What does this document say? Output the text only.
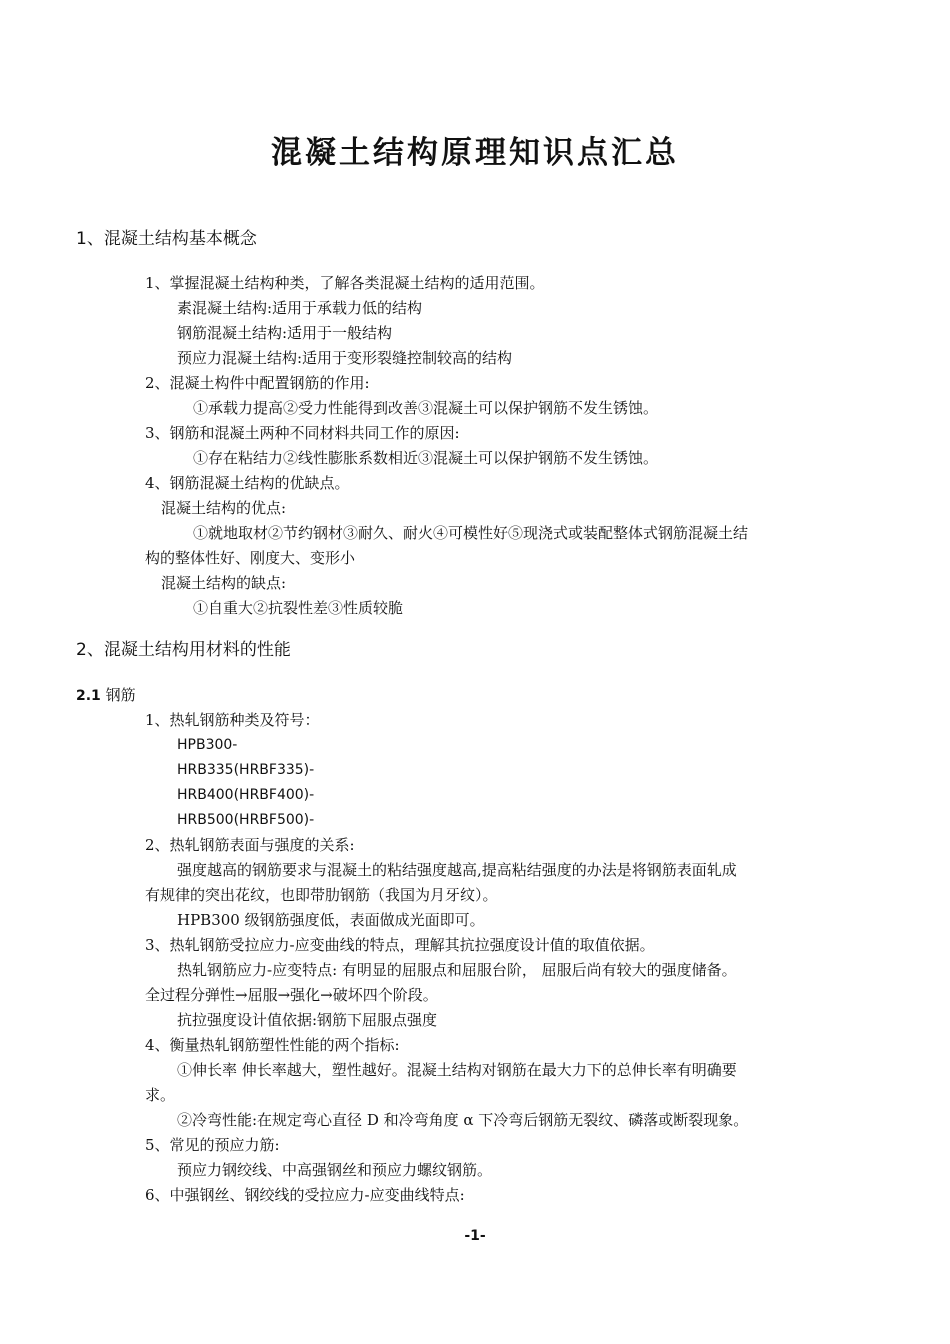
混凝土结构原理知识点汇总
1、混凝土结构基本概念
1、掌握混凝土结构种类，了解各类混凝土结构的适用范围。
素混凝土结构:适用于承载力低的结构
钢筋混凝土结构:适用于一般结构
预应力混凝土结构:适用于变形裂缝控制较高的结构
2、混凝土构件中配置钢筋的作用:
①承载力提高②受力性能得到改善③混凝土可以保护钢筋不发生锈蚀。
3、钢筋和混凝土两种不同材料共同工作的原因:
①存在粘结力②线性膨胀系数相近③混凝土可以保护钢筋不发生锈蚀。
4、钢筋混凝土结构的优缺点。
混凝土结构的优点:
①就地取材②节约钢材③耐久、耐火④可模性好⑤现浇式或装配整体式钢筋混凝土结
构的整体性好、刚度大、变形小
混凝土结构的缺点:
①自重大②抗裂性差③性质较脆
2、混凝土结构用材料的性能
2.1 钢筋
1、热轧钢筋种类及符号：
HPB300-
HRB335(HRBF335)-
HRB400(HRBF400)-
HRB500(HRBF500)-
2、热轧钢筋表面与强度的关系:
强度越高的钢筋要求与混凝土的粘结强度越高,提高粘结强度的办法是将钢筋表面轧成
有规律的突出花纹，也即带肋钢筋（我国为月牙纹）。
HPB300 级钢筋强度低，表面做成光面即可。
3、热轧钢筋受拉应力-应变曲线的特点，理解其抗拉强度设计值的取值依据。
热轧钢筋应力-应变特点: 有明显的屈服点和屈服台阶， 屈服后尚有较大的强度储备。
全过程分弹性→屈服→强化→破坏四个阶段。
抗拉强度设计值依据:钢筋下屈服点强度
4、衡量热轧钢筋塑性性能的两个指标:
①伸长率 伸长率越大，塑性越好。混凝土结构对钢筋在最大力下的总伸长率有明确要
求。
②冷弯性能:在规定弯心直径 D 和冷弯角度 α 下冷弯后钢筋无裂纹、磷落或断裂现象。
5、常见的预应力筋:
预应力钢绞线、中高强钢丝和预应力螺纹钢筋。
6、中强钢丝、钢绞线的受拉应力-应变曲线特点:
-1-
